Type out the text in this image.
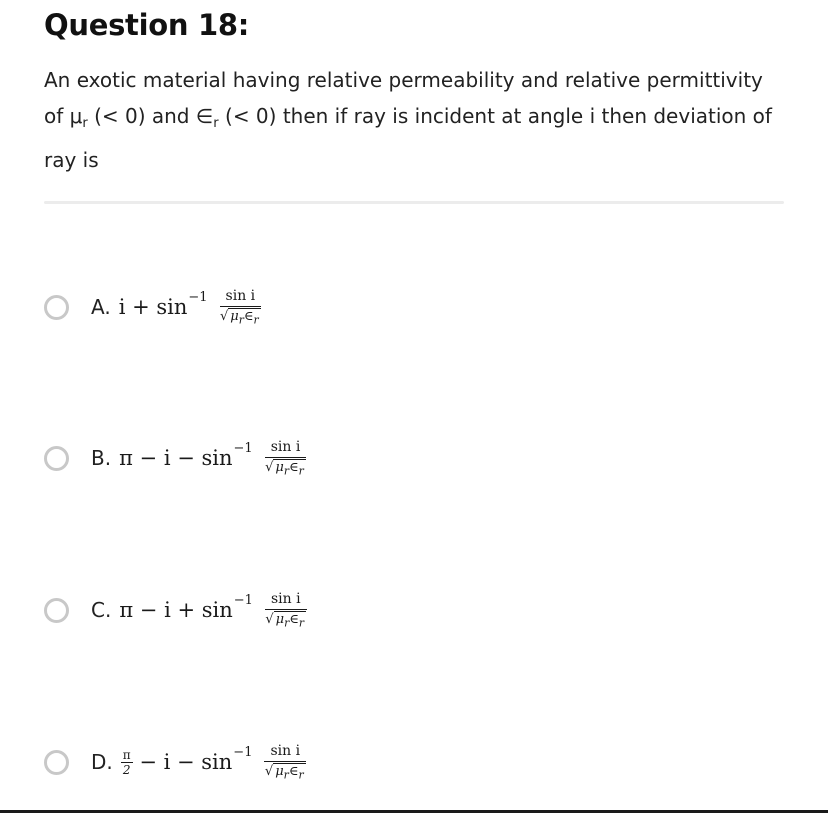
Question 18:
An exotic material having relative permeability and relative permittivity of $\mu_r$ (< 0) and $\in_r$ (< 0) then if ray is incident at angle i then deviation of ray is
A. $i + \sin -1 \frac{\text{sin i}}{√ \mu_r\in_r}$
B. $\pi - i - \sin -1 \frac{\text{sin i}}{√ \mu_r\in_r}$
C. $\pi - i + \sin -1 \frac{\text{sin i}}{√ \mu_r\in_r}$
D. $\frac{\pi}{2} - i - \sin -1 \frac{\text{sin i}}{√ \mu_r\in_r}$
